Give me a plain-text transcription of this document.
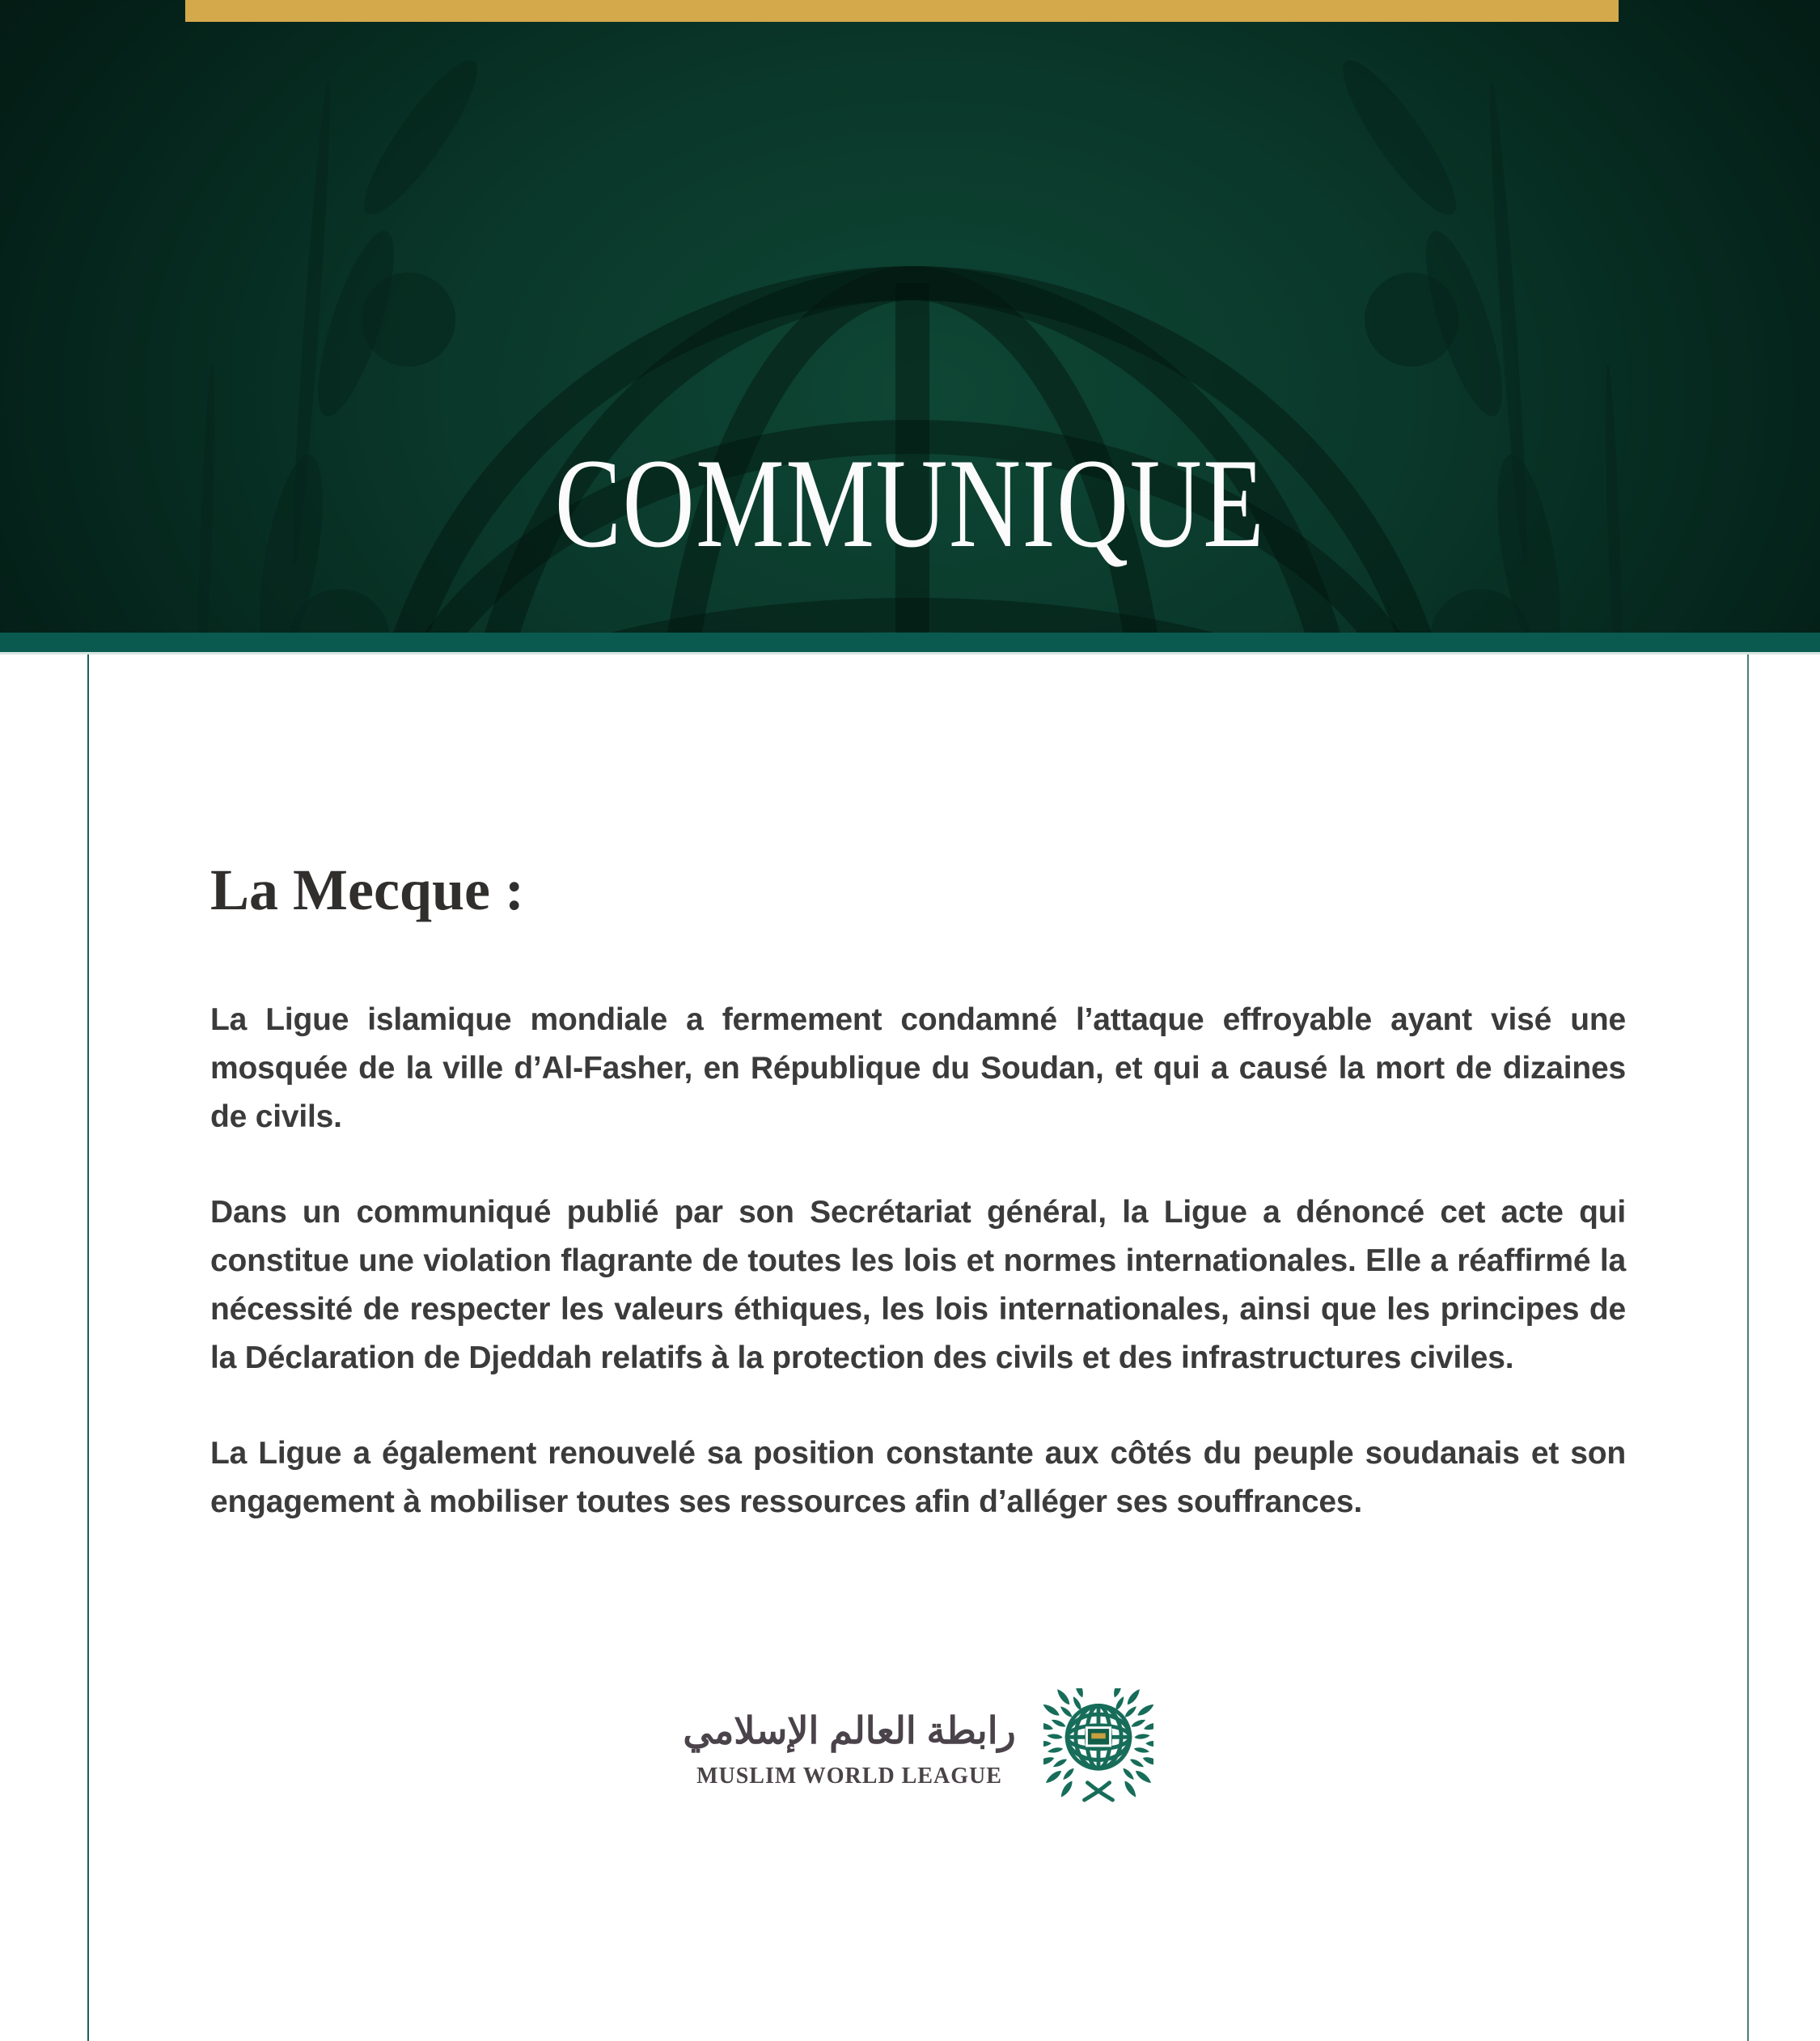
COMMUNIQUE
La Mecque :

La Ligue islamique mondiale a fermement condamné l’attaque effroyable ayant visé une mosquée de la ville d’Al-Fasher, en République du Soudan, et qui a causé la mort de dizaines de civils.

Dans un communiqué publié par son Secrétariat général, la Ligue a dénoncé cet acte qui constitue une violation flagrante de toutes les lois et normes internationales. Elle a réaffirmé la nécessité de respecter les valeurs éthiques, les lois internationales, ainsi que les principes de la Déclaration de Djeddah relatifs à la protection des civils et des infrastructures civiles.

La Ligue a également renouvelé sa position constante aux côtés du peuple soudanais et son engagement à mobiliser toutes ses ressources afin d’alléger ses souffrances.

رابطة العالم الإسلامي
MUSLIM WORLD LEAGUE
